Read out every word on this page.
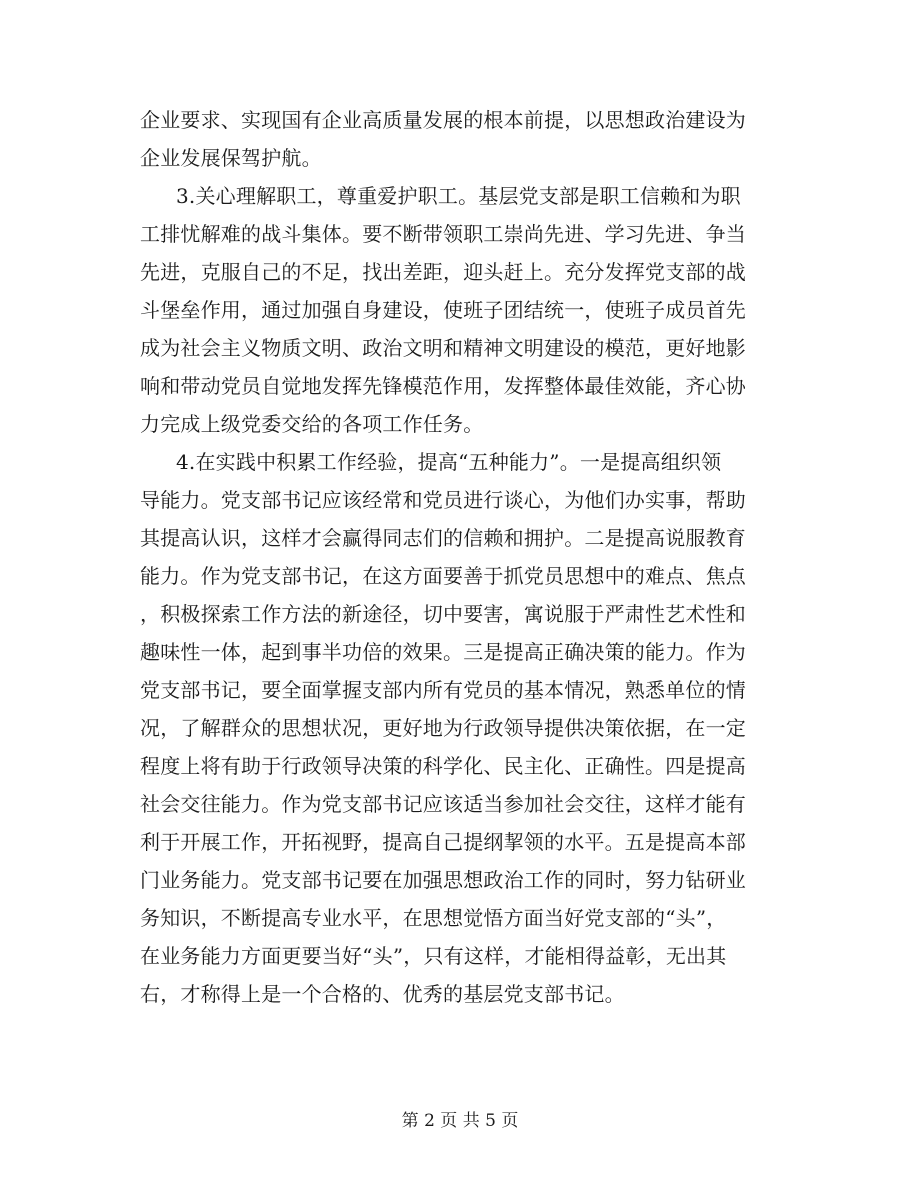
企业要求、实现国有企业高质量发展的根本前提，以思想政治建设为
企业发展保驾护航。
3.关心理解职工，尊重爱护职工。基层党支部是职工信赖和为职
工排忧解难的战斗集体。要不断带领职工崇尚先进、学习先进、争当
先进，克服自己的不足，找出差距，迎头赶上。充分发挥党支部的战
斗堡垒作用，通过加强自身建设，使班子团结统一，使班子成员首先
成为社会主义物质文明、政治文明和精神文明建设的模范，更好地影
响和带动党员自觉地发挥先锋模范作用，发挥整体最佳效能，齐心协
力完成上级党委交给的各项工作任务。
4.在实践中积累工作经验，提高“五种能力”。一是提高组织领
导能力。党支部书记应该经常和党员进行谈心，为他们办实事，帮助
其提高认识，这样才会赢得同志们的信赖和拥护。二是提高说服教育
能力。作为党支部书记，在这方面要善于抓党员思想中的难点、焦点
，积极探索工作方法的新途径，切中要害，寓说服于严肃性艺术性和
趣味性一体，起到事半功倍的效果。三是提高正确决策的能力。作为
党支部书记，要全面掌握支部内所有党员的基本情况，熟悉单位的情
况，了解群众的思想状况，更好地为行政领导提供决策依据，在一定
程度上将有助于行政领导决策的科学化、民主化、正确性。四是提高
社会交往能力。作为党支部书记应该适当参加社会交往，这样才能有
利于开展工作，开拓视野，提高自己提纲挈领的水平。五是提高本部
门业务能力。党支部书记要在加强思想政治工作的同时，努力钻研业
务知识，不断提高专业水平，在思想觉悟方面当好党支部的“头”，
在业务能力方面更要当好“头”，只有这样，才能相得益彰，无出其
右，才称得上是一个合格的、优秀的基层党支部书记。
第 2 页 共 5 页
